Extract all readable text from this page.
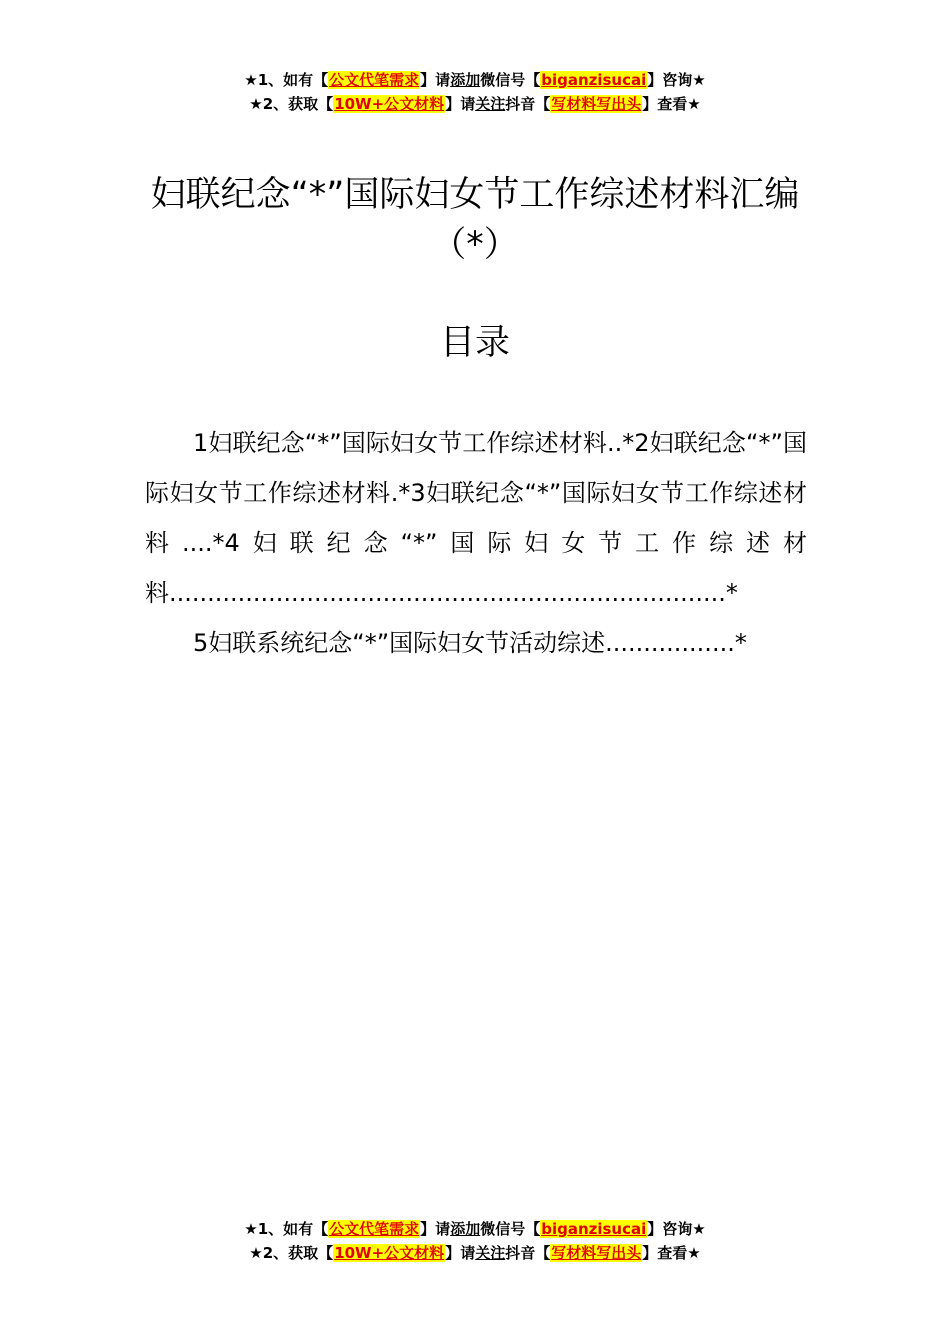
★1、如有【公文代笔需求】请添加微信号【biganzisucai】咨询★
★2、获取【10W+公文材料】请关注抖音【写材料写出头】查看★
妇联纪念“*”国际妇女节工作综述材料汇编（*）
目录

1妇联纪念“*”国际妇女节工作综述材料..*2妇联纪念“*”国际妇女节工作综述材料.*3妇联纪念“*”国际妇女节工作综述材料....*4妇联纪念“*”国际妇女节工作综述材料.........................................................................*

5妇联系统纪念“*”国际妇女节活动综述.................*

★1、如有【公文代笔需求】请添加微信号【biganzisucai】咨询★
★2、获取【10W+公文材料】请关注抖音【写材料写出头】查看★
